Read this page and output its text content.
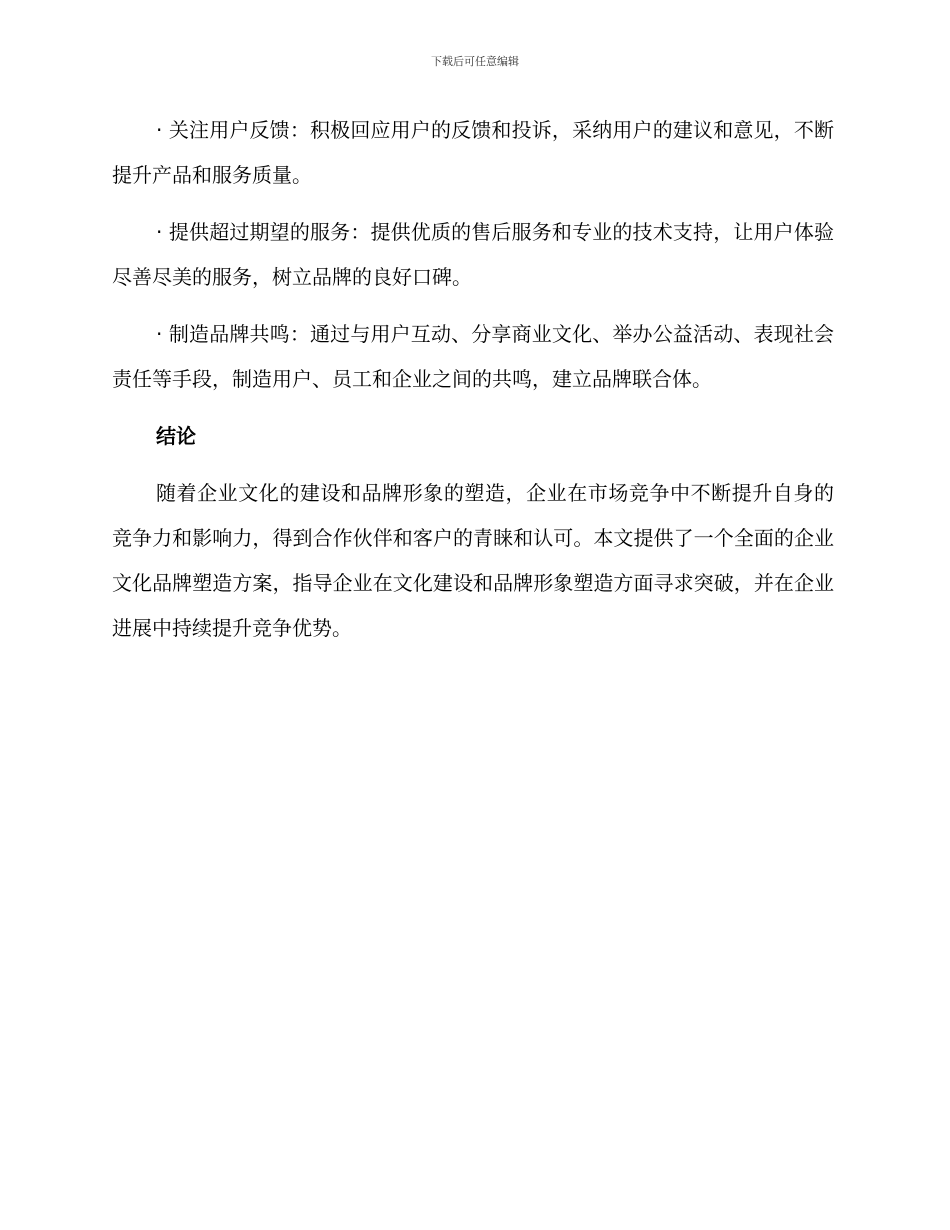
下载后可任意编辑

· 关注用户反馈：积极回应用户的反馈和投诉，采纳用户的建议和意见，不断提升产品和服务质量。

· 提供超过期望的服务：提供优质的售后服务和专业的技术支持，让用户体验尽善尽美的服务，树立品牌的良好口碑。

· 制造品牌共鸣：通过与用户互动、分享商业文化、举办公益活动、表现社会责任等手段，制造用户、员工和企业之间的共鸣，建立品牌联合体。

结论

随着企业文化的建设和品牌形象的塑造，企业在市场竞争中不断提升自身的竞争力和影响力，得到合作伙伴和客户的青睐和认可。本文提供了一个全面的企业文化品牌塑造方案，指导企业在文化建设和品牌形象塑造方面寻求突破，并在企业进展中持续提升竞争优势。
